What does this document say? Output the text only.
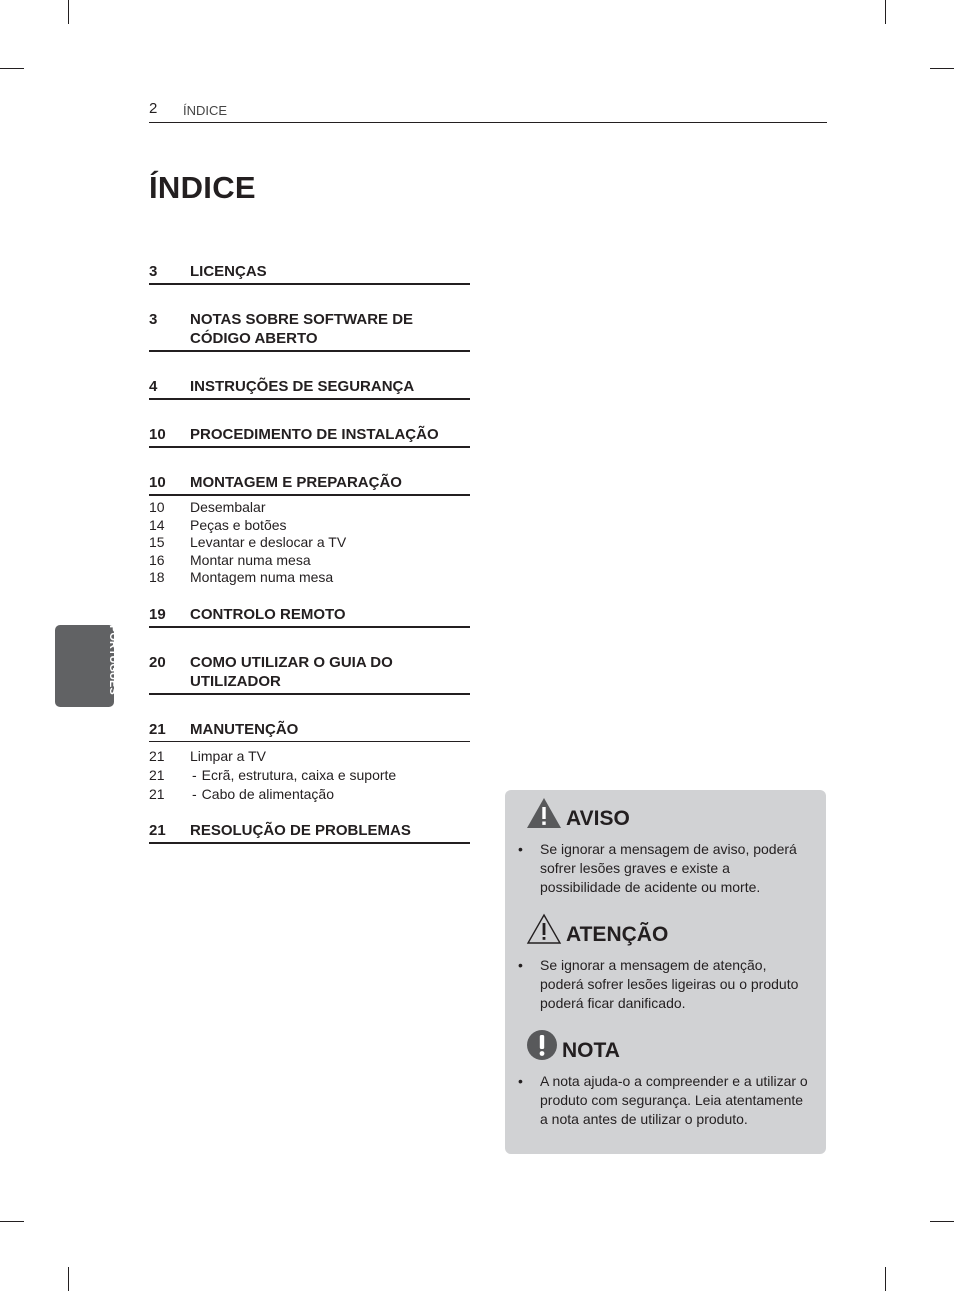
2 ÍNDICE
ÍNDICE
3	LICENÇAS
3	NOTAS SOBRE SOFTWARE DE CÓDIGO ABERTO
4	INSTRUÇÕES DE SEGURANÇA
10	PROCEDIMENTO DE INSTALAÇÃO
10	MONTAGEM E PREPARAÇÃO
10	Desembalar
14	Peças e botões
15	Levantar e deslocar a TV
16	Montar numa mesa
18	Montagem numa mesa
19	CONTROLO REMOTO
20	COMO UTILIZAR O GUIA DO UTILIZADOR
21	MANUTENÇÃO
21	Limpar a TV
21	- Ecrã, estrutura, caixa e suporte
21	- Cabo de alimentação
21	RESOLUÇÃO DE PROBLEMAS
PORTUGUÊS
AVISO
• Se ignorar a mensagem de aviso, poderá sofrer lesões graves e existe a possibilidade de acidente ou morte.
ATENÇÃO
• Se ignorar a mensagem de atenção, poderá sofrer lesões ligeiras ou o produto poderá ficar danificado.
NOTA
• A nota ajuda-o a compreender e a utilizar o produto com segurança. Leia atentamente a nota antes de utilizar o produto.
